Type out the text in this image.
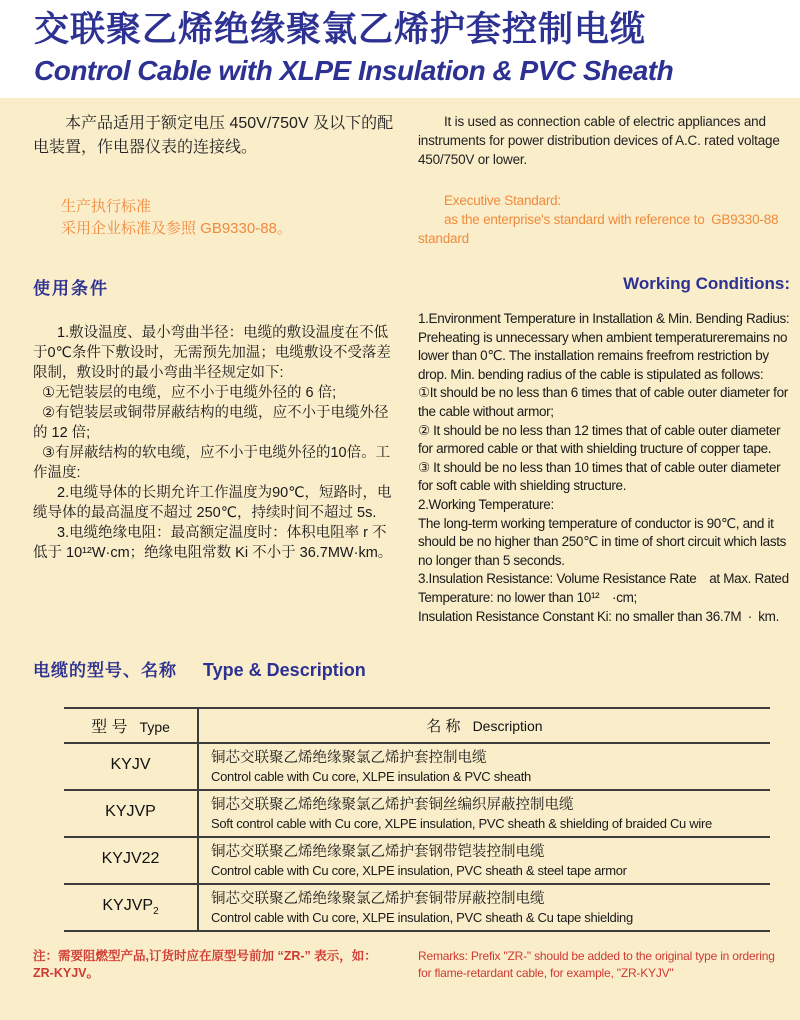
交联聚乙烯绝缘聚氯乙烯护套控制电缆
Control Cable with XLPE Insulation & PVC Sheath

本产品适用于额定电压 450V/750V 及以下的配电装置，作电器仪表的连接线。

生产执行标准

采用企业标准及参照 GB9330-88。

It is used as connection cable of electric appliances and instruments for power distribution devices of A.C. rated voltage 450/750V or lower.

Executive Standard:

as the enterprise's standard with reference to GB9330-88 standard

使用条件

1.敷设温度、最小弯曲半径：电缆的敷设温度在不低于0℃条件下敷设时，无需预先加温；电缆敷设不受落差限制，敷设时的最小弯曲半径规定如下:

①无铠装层的电缆，应不小于电缆外径的 6 倍;

②有铠装层或铜带屏蔽结构的电缆，应不小于电缆外径的 12 倍;

③有屏蔽结构的软电缆，应不小于电缆外径的10倍。工作温度:

2.电缆导体的长期允许工作温度为90℃，短路时，电缆导体的最高温度不超过 250℃，持续时间不超过 5s.

3.电缆绝缘电阻：最高额定温度时：体积电阻率 r 不低于 10¹²W·cm；绝缘电阻常数 Ki 不小于 36.7MW·km。

Working Conditions:

1.Environment Temperature in Installation & Min. Bending Radius: Preheating is unnecessary when ambient temperatureremains no lower than 0℃. The installation remains freefrom restriction by drop. Min. bending radius of the cable is stipulated as follows:

①It should be no less than 6 times that of cable outer diameter for the cable without armor;

② It should be no less than 12 times that of cable outer diameter for armored cable or that with shielding tructure of copper tape.

③ It should be no less than 10 times that of cable outer diameter for soft cable with shielding structure.

2.Working Temperature:

The long-term working temperature of conductor is 90℃, and it should be no higher than 250℃ in time of short circuit which lasts no longer than 5 seconds.

3.Insulation Resistance: Volume Resistance Rate  at Max. Rated Temperature: no lower than 10¹²  ·cm;

Insulation Resistance Constant Ki: no smaller than 36.7M · km.

电缆的型号、名称 Type & Description
型 号 Type	名 称 Description
KYJV	铜芯交联聚乙烯绝缘聚氯乙烯护套控制电缆
Control cable with Cu core, XLPE insulation & PVC sheath

KYJVP	铜芯交联聚乙烯绝缘聚氯乙烯护套铜丝编织屏蔽控制电缆
Soft control cable with Cu core, XLPE insulation, PVC sheath & shielding of braided Cu wire

KYJV22	铜芯交联聚乙烯绝缘聚氯乙烯护套钢带铠装控制电缆
Control cable with Cu core, XLPE insulation, PVC sheath & steel tape armor

$KYJVP_2$	铜芯交联聚乙烯绝缘聚氯乙烯护套铜带屏蔽控制电缆
Control cable with Cu core, XLPE insulation, PVC sheath & Cu tape shielding

注：需要阻燃型产品,订货时应在原型号前加 “ZR-” 表示，如：ZR-KYJV。

Remarks: Prefix "ZR-" should be added to the original type in ordering for flame-retardant cable, for example, "ZR-KYJV"
